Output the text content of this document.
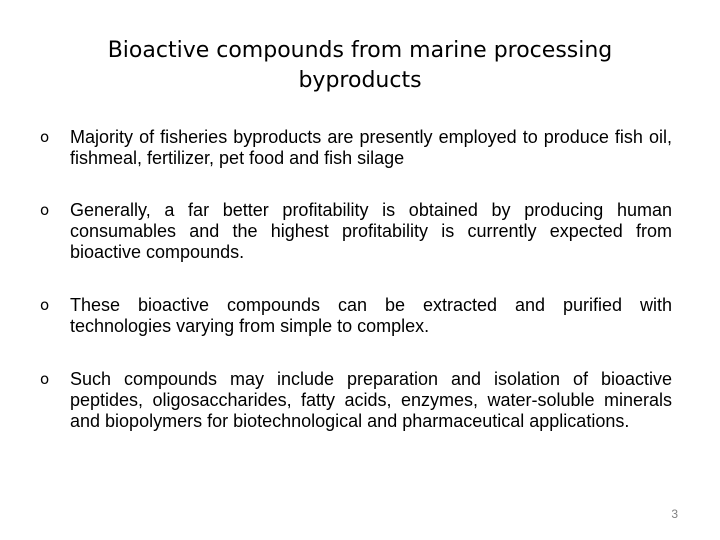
Bioactive compounds from marine processing byproducts
o Majority of fisheries byproducts are presently employed to produce fish oil, fishmeal, fertilizer, pet food and fish silage
o Generally, a far better profitability is obtained by producing human consumables and the highest profitability is currently expected from bioactive compounds.
o These bioactive compounds can be extracted and purified with technologies varying from simple to complex.
o Such compounds may include preparation and isolation of bioactive peptides, oligosaccharides, fatty acids, enzymes, water-soluble minerals and biopolymers for biotechnological and pharmaceutical applications.
3
